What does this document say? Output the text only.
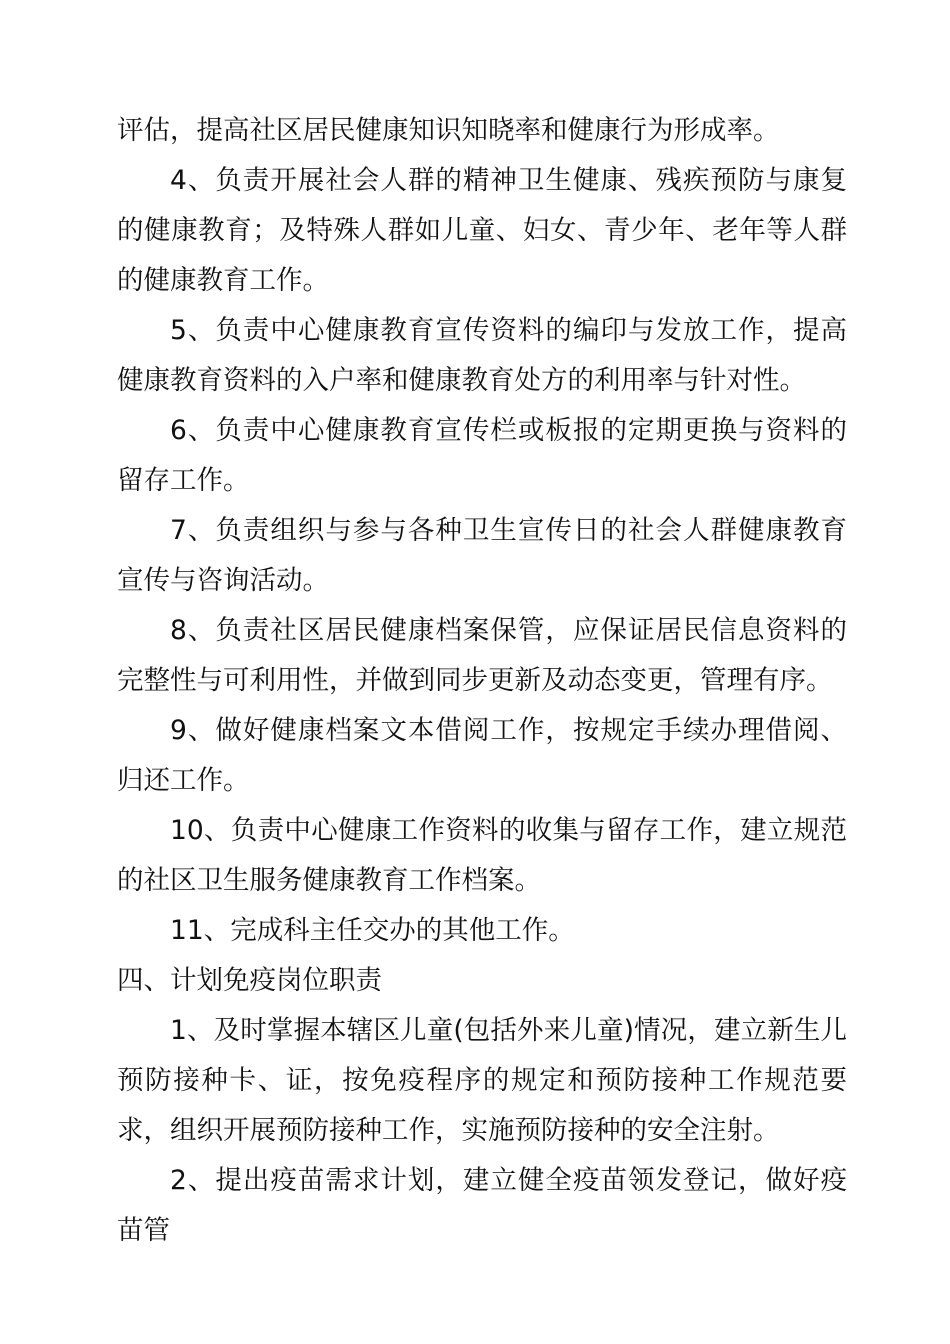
评估，提高社区居民健康知识知晓率和健康行为形成率。

4、负责开展社会人群的精神卫生健康、残疾预防与康复的健康教育；及特殊人群如儿童、妇女、青少年、老年等人群的健康教育工作。

5、负责中心健康教育宣传资料的编印与发放工作，提高健康教育资料的入户率和健康教育处方的利用率与针对性。

6、负责中心健康教育宣传栏或板报的定期更换与资料的留存工作。

7、负责组织与参与各种卫生宣传日的社会人群健康教育宣传与咨询活动。

8、负责社区居民健康档案保管，应保证居民信息资料的完整性与可利用性，并做到同步更新及动态变更，管理有序。

9、做好健康档案文本借阅工作，按规定手续办理借阅、归还工作。

10、负责中心健康工作资料的收集与留存工作，建立规范的社区卫生服务健康教育工作档案。

11、完成科主任交办的其他工作。

四、计划免疫岗位职责

1、及时掌握本辖区儿童(包括外来儿童)情况，建立新生儿预防接种卡、证，按免疫程序的规定和预防接种工作规范要求，组织开展预防接种工作，实施预防接种的安全注射。

2、提出疫苗需求计划，建立健全疫苗领发登记，做好疫苗管
